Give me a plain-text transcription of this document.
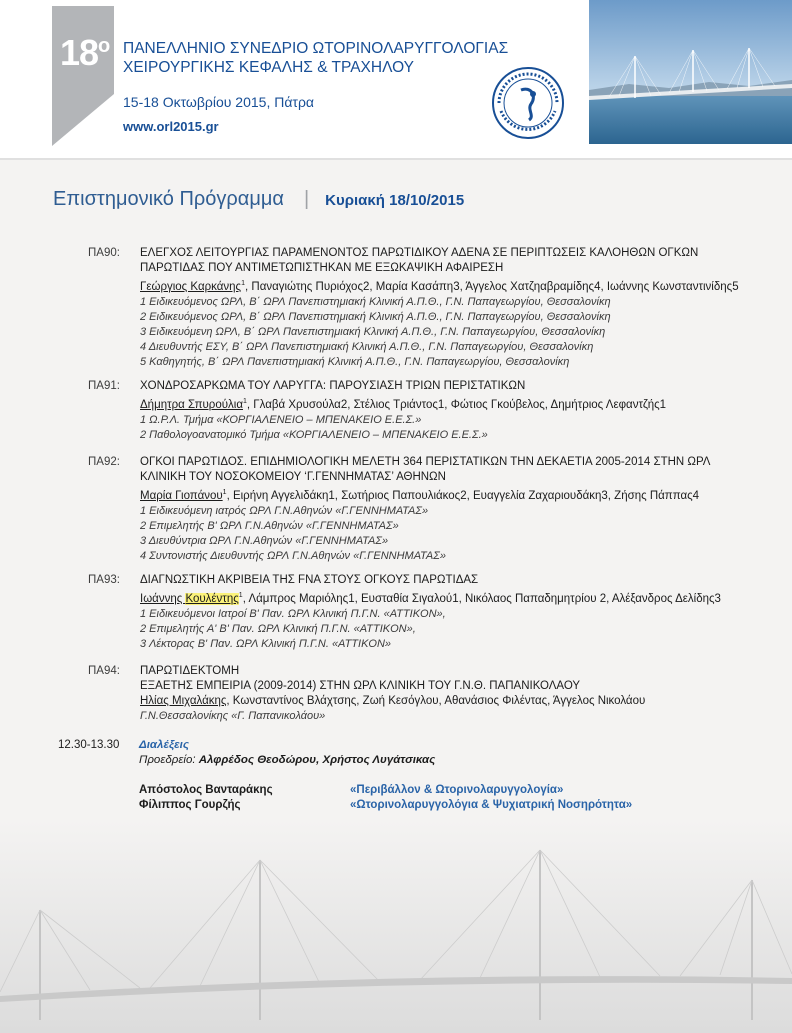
$18^o$ ΠΑΝΕΛΛΗΝΙΟ ΣΥΝΕΔΡΙΟ ΩΤΟΡΙΝΟΛΑΡΥΓΓΟΛΟΓΙΑΣ
ΧΕΙΡΟΥΡΓΙΚΗΣ ΚΕΦΑΛΗΣ & ΤΡΑΧΗΛΟΥ
15-18 Οκτωβρίου 2015, Πάτρα
www.orl2015.gr
Επιστημονικό Πρόγραμμα | Κυριακή 18/10/2015
ΠΑ90: ΕΛΕΓΧΟΣ ΛΕΙΤΟΥΡΓΙΑΣ ΠΑΡΑΜΕΝΟΝΤΟΣ ΠΑΡΩΤΙΔΙΚΟΥ ΑΔΕΝΑ ΣΕ ΠΕΡΙΠΤΩΣΕΙΣ ΚΑΛΟΗΘΩΝ ΟΓΚΩΝ
ΠΑΡΩΤΙΔΑΣ ΠΟΥ ΑΝΤΙΜΕΤΩΠΙΣΤΗΚΑΝ ΜΕ ΕΞΩΚΑΨΙΚΗ ΑΦΑΙΡΕΣΗ
Γεώργιος Καρκάνης$^1$, Παναγιώτης Πυριόχος2, Μαρία Κασάπη3, Άγγελος Χατζηαβραμίδης4, Ιωάννης Κωνσταντινίδης5
1 Ειδικευόμενος ΩΡΛ, Β΄ ΩΡΛ Πανεπιστημιακή Κλινική Α.Π.Θ., Γ.Ν. Παπαγεωργίου, Θεσσαλονίκη
2 Ειδικευόμενος ΩΡΛ, Β΄ ΩΡΛ Πανεπιστημιακή Κλινική Α.Π.Θ., Γ.Ν. Παπαγεωργίου, Θεσσαλονίκη
3 Ειδικευόμενη ΩΡΛ, Β΄ ΩΡΛ Πανεπιστημιακή Κλινική Α.Π.Θ., Γ.Ν. Παπαγεωργίου, Θεσσαλονίκη
4 Διευθυντής ΕΣΥ, Β΄ ΩΡΛ Πανεπιστημιακή Κλινική Α.Π.Θ., Γ.Ν. Παπαγεωργίου, Θεσσαλονίκη
5 Καθηγητής, Β΄ ΩΡΛ Πανεπιστημιακή Κλινική Α.Π.Θ., Γ.Ν. Παπαγεωργίου, Θεσσαλονίκη
ΠΑ91: ΧΟΝΔΡΟΣΑΡΚΩΜΑ ΤΟΥ ΛΑΡΥΓΓΑ: ΠΑΡΟΥΣΙΑΣΗ ΤΡΙΩΝ ΠΕΡΙΣΤΑΤΙΚΩΝ
Δήμητρα Σπυρούλια$^1$, Γλαβά Χρυσούλα2, Στέλιος Τριάντος1, Φώτιος Γκούβελος, Δημήτριος Λεφαντζής1
1 Ω.Ρ.Λ. Τμήμα «ΚΟΡΓΙΑΛΕΝΕΙΟ – ΜΠΕΝΑΚΕΙΟ Ε.Ε.Σ.»
2 Παθολογοανατομικό Τμήμα «ΚΟΡΓΙΑΛΕΝΕΙΟ – ΜΠΕΝΑΚΕΙΟ Ε.Ε.Σ.»
ΠΑ92: ΟΓΚΟΙ ΠΑΡΩΤΙΔΟΣ. ΕΠΙΔΗΜΙΟΛΟΓΙΚΗ ΜΕΛΕΤΗ 364 ΠΕΡΙΣΤΑΤΙΚΩΝ ΤΗΝ ΔΕΚΑΕΤΙΑ 2005-2014 ΣΤΗΝ ΩΡΛ
ΚΛΙΝΙΚΗ ΤΟΥ ΝΟΣΟΚΟΜΕΙΟΥ ‘Γ.ΓΕΝΝΗΜΑΤΑΣ’ ΑΘΗΝΩΝ
Μαρία Γιοπάνου$^1$, Ειρήνη Αγγελιδάκη1, Σωτήριος Παπουλιάκος2, Ευαγγελία Ζαχαριουδάκη3, Ζήσης Πάππας4
1 Ειδικευόμενη ιατρός ΩΡΛ Γ.Ν.Αθηνών «Γ.ΓΕΝΝΗΜΑΤΑΣ»
2 Επιμελητής Β' ΩΡΛ Γ.Ν.Αθηνών «Γ.ΓΕΝΝΗΜΑΤΑΣ»
3 Διευθύντρια ΩΡΛ Γ.Ν.Αθηνών «Γ.ΓΕΝΝΗΜΑΤΑΣ»
4 Συντονιστής Διευθυντής ΩΡΛ Γ.Ν.Αθηνών «Γ.ΓΕΝΝΗΜΑΤΑΣ»
ΠΑ93: ΔΙΑΓΝΩΣΤΙΚΗ ΑΚΡΙΒΕΙΑ ΤΗΣ FNA ΣΤΟΥΣ ΟΓΚΟΥΣ ΠΑΡΩΤΙΔΑΣ
Ιωάννης Κουλέντης$^1$, Λάμπρος Μαριόλης1, Ευσταθία Σιγαλού1, Νικόλαος Παπαδημητρίου 2, Αλέξανδρος Δελίδης3
1 Ειδικευόμενοι Ιατροί Β' Παν. ΩΡΛ Κλινική Π.Γ.Ν. «ATTIKON»,
2 Επιμελητής Α' Β' Παν. ΩΡΛ Κλινική Π.Γ.Ν. «ATTIKON»,
3 Λέκτορας Β' Παν. ΩΡΛ Κλινική Π.Γ.Ν. «ATTIKON»
ΠΑ94: ΠΑΡΩΤΙΔΕΚΤΟΜΗ
ΕΞΑΕΤΗΣ ΕΜΠΕΙΡΙΑ (2009-2014) ΣΤΗΝ ΩΡΛ ΚΛΙΝΙΚΗ ΤΟΥ Γ.Ν.Θ. ΠΑΠΑΝΙΚΟΛΑΟΥ
Ηλίας Μιχαλάκης, Κωνσταντίνος Βλάχτσης, Ζωή Κεσόγλου, Αθανάσιος Φιλέντας, Άγγελος Νικολάου
Γ.Ν.Θεσσαλονίκης «Γ. Παπανικολάου»
12.30-13.30 Διαλέξεις
Προεδρείο: Αλφρέδος Θεοδώρου, Χρήστος Λυγάτσικας
Απόστολος Βανταράκης	«Περιβάλλον & Ωτορινολαρυγγολογία»
Φίλιππος Γουρζής	«Ωτορινολαρυγγολόγια & Ψυχιατρική Νοσηρότητα»
